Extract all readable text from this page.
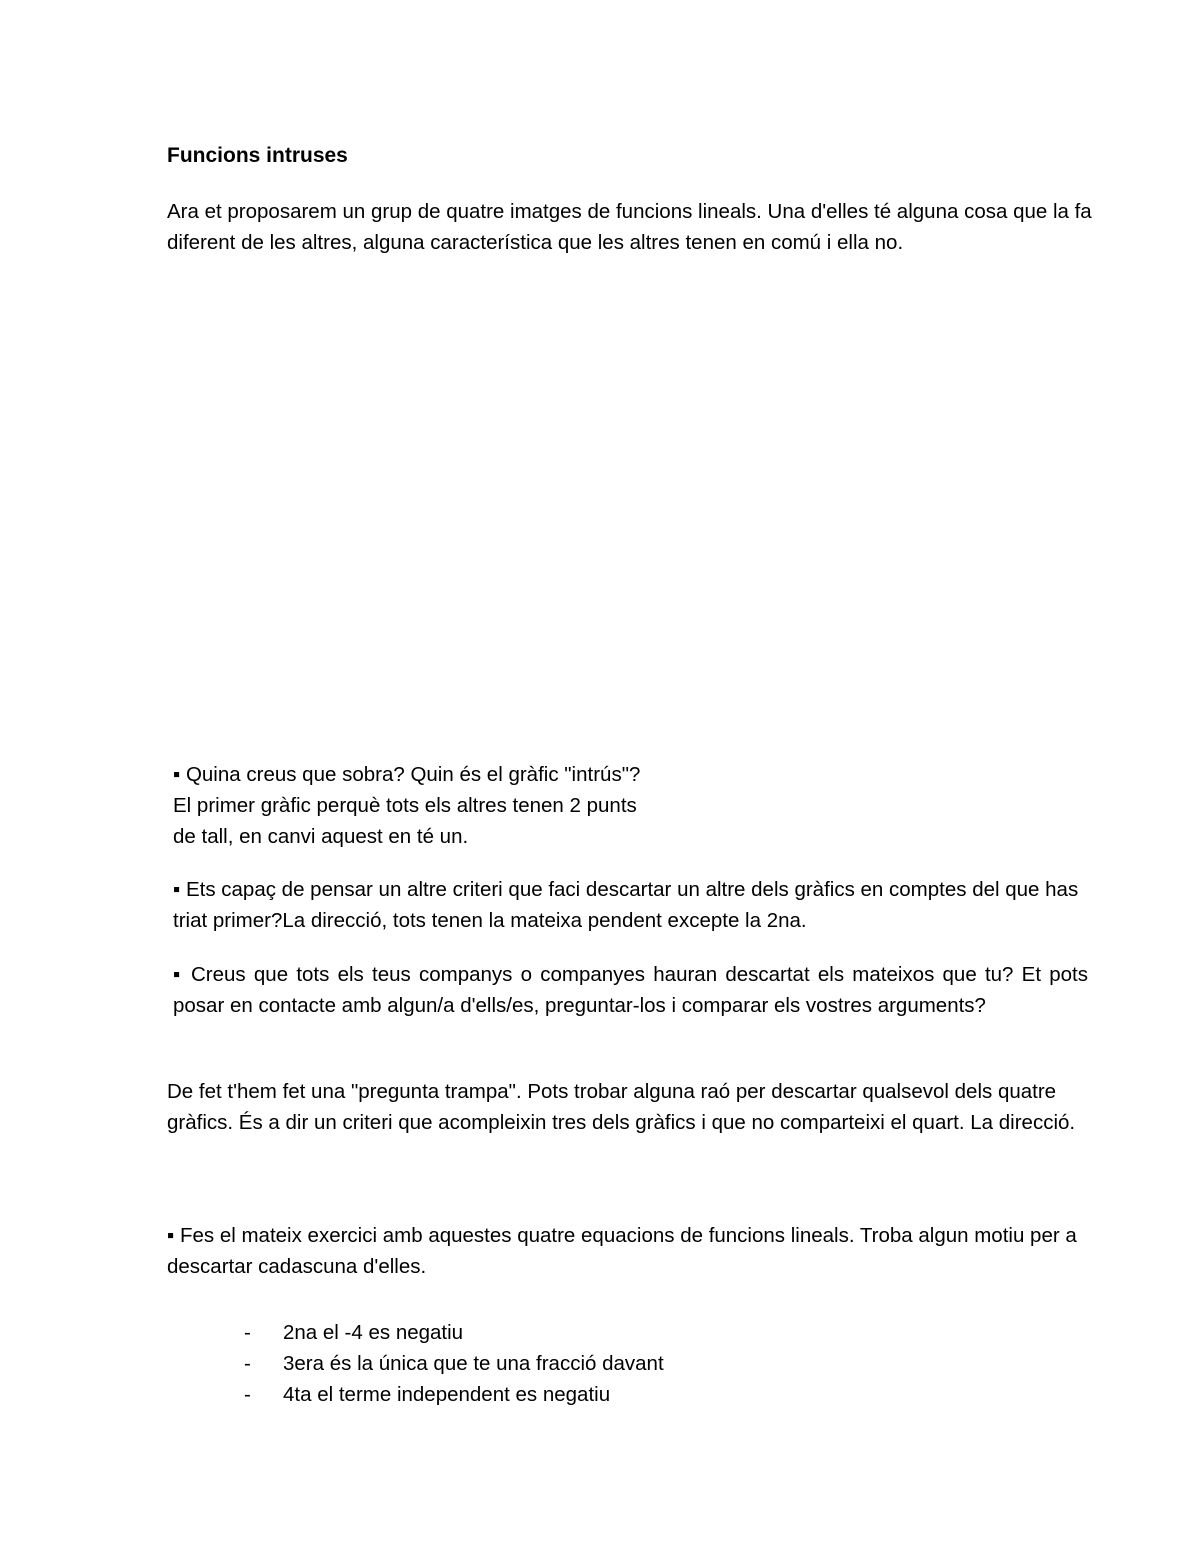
Funcions intruses

Ara et proposarem un grup de quatre imatges de funcions lineals. Una d'elles té alguna cosa que la fa diferent de les altres, alguna característica que les altres tenen en comú i ella no.

▪ Quina creus que sobra? Quin és el gràfic "intrús"?
El primer gràfic perquè tots els altres tenen 2 punts
de tall, en canvi aquest en té un.

▪ Ets capaç de pensar un altre criteri que faci descartar un altre dels gràfics en comptes del que has triat primer?La direcció, tots tenen la mateixa pendent excepte la 2na.

▪ Creus que tots els teus companys o companyes hauran descartat els mateixos que tu? Et pots posar en contacte amb algun/a d'ells/es, preguntar-los i comparar els vostres arguments?

De fet t'hem fet una "pregunta trampa". Pots trobar alguna raó per descartar qualsevol dels quatre gràfics. És a dir un criteri que acompleixin tres dels gràfics i que no comparteixi el quart. La direcció.

▪ Fes el mateix exercici amb aquestes quatre equacions de funcions lineals. Troba algun motiu per a descartar cadascuna d'elles.

- 2na el -4 es negatiu
- 3era és la única que te una fracció davant
- 4ta el terme independent es negatiu
